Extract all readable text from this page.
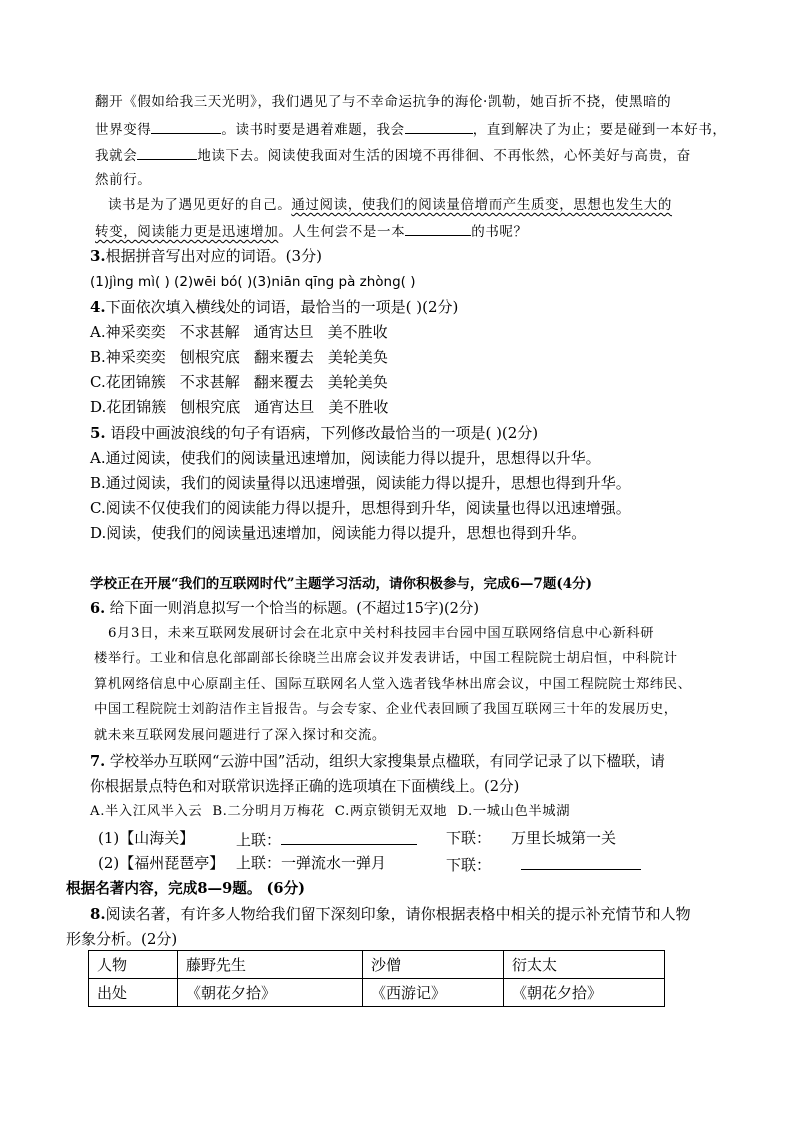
翻开《假如给我三天光明》，我们遇见了与不幸命运抗争的海伦·凯勒，她百折不挠，使黑暗的
世界变得	。读书时要是遇着难题，我会	，直到解决了为止；要是碰到一本好书，
我就会	地读下去。阅读使我面对生活的困境不再徘徊、不再怅然，心怀美好与高贵，奋
然前行。
读书是为了遇见更好的自己。通过阅读，使我们的阅读量倍增而产生质变，思想也发生大的
转变，阅读能力更是迅速增加。人生何尝不是一本	的书呢？
3.根据拼音写出对应的词语。(3分)
(1)jìng mì( ) (2)wēi bó( )(3)niān qīng pà zhòng( )
4.下面依次填入横线处的词语，最恰当的一项是( )(2分)
A.神采奕奕 不求甚解 通宵达旦 美不胜收
B.神采奕奕 刨根究底 翻来覆去 美轮美奂
C.花团锦簇 不求甚解 翻来覆去 美轮美奂
D.花团锦簇 刨根究底 通宵达旦 美不胜收
5. 语段中画波浪线的句子有语病，下列修改最恰当的一项是( )(2分)
A.通过阅读，使我们的阅读量迅速增加，阅读能力得以提升，思想得以升华。
B.通过阅读，我们的阅读量得以迅速增强，阅读能力得以提升，思想也得到升华。
C.阅读不仅使我们的阅读能力得以提升，思想得到升华，阅读量也得以迅速增强。
D.阅读，使我们的阅读量迅速增加，阅读能力得以提升，思想也得到升华。
学校正在开展“我们的互联网时代”主题学习活动，请你积极参与，完成6—7题(4分)
6. 给下面一则消息拟写一个恰当的标题。(不超过15字)(2分)
6月3日，未来互联网发展研讨会在北京中关村科技园丰台园中国互联网络信息中心新科研
楼举行。工业和信息化部副部长徐晓兰出席会议并发表讲话，中国工程院院士胡启恒，中科院计
算机网络信息中心原副主任、国际互联网名人堂入选者钱华林出席会议，中国工程院院士郑纬民、
中国工程院院士刘韵洁作主旨报告。与会专家、企业代表回顾了我国互联网三十年的发展历史，
就未来互联网发展问题进行了深入探讨和交流。
7. 学校举办互联网“云游中国”活动，组织大家搜集景点楹联，有同学记录了以下楹联，请
你根据景点特色和对联常识选择正确的选项填在下面横线上。(2分)
A.半入江风半入云 B.二分明月万梅花 C.两京锁钥无双地 D.一城山色半城湖
(1)【山海关】	上联：	下联： 万里长城第一关
(2)【福州琵琶亭】 上联：一弹流水一弹月	下联：
根据名著内容，完成8—9题。 (6分)
8.阅读名著，有许多人物给我们留下深刻印象，请你根据表格中相关的提示补充情节和人物
形象分析。(2分)
人物	藤野先生	沙僧	衍太太
出处	《朝花夕拾》	《西游记》	《朝花夕拾》
